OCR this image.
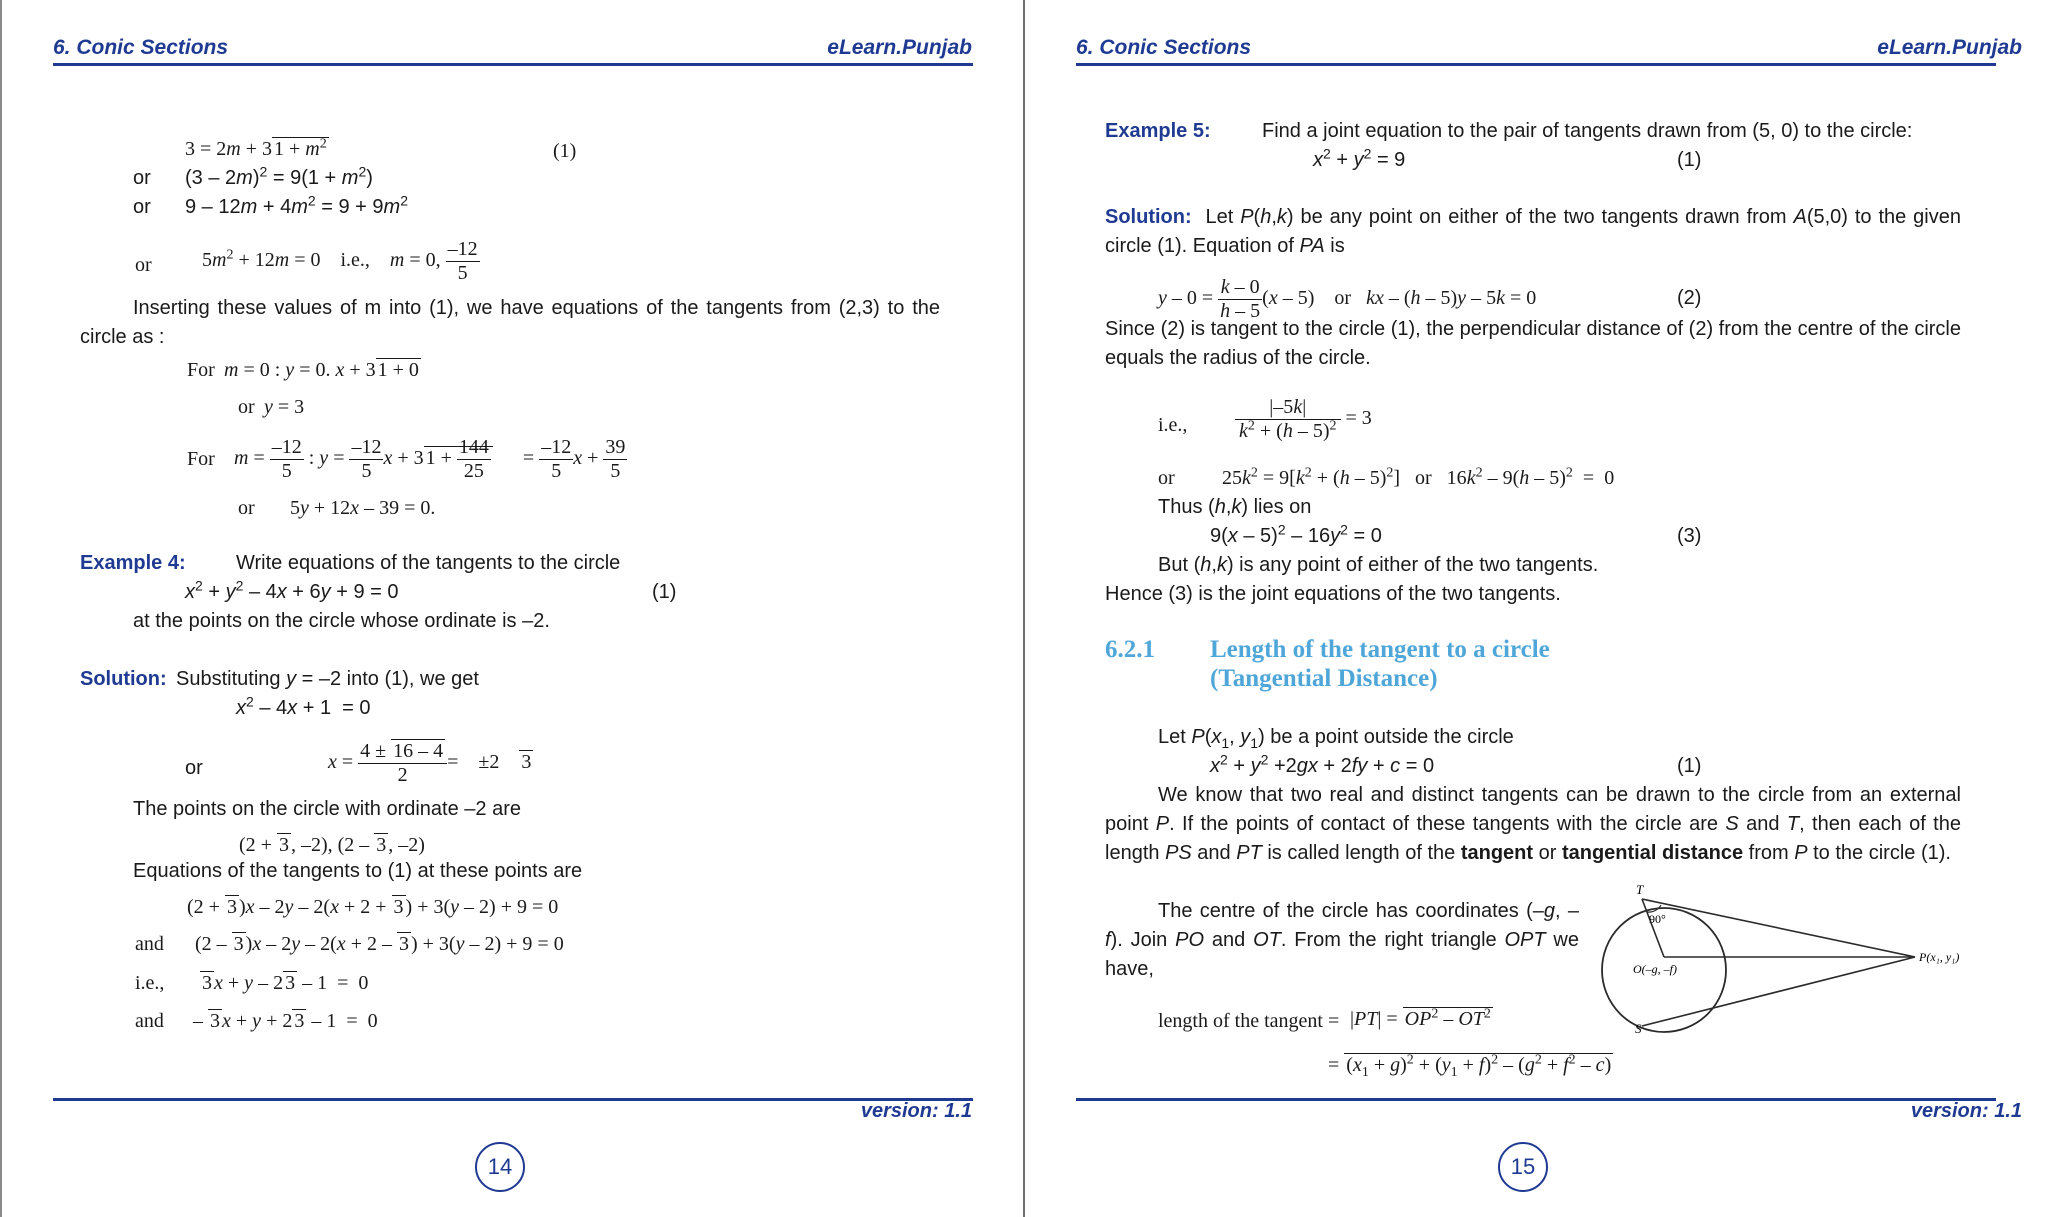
6. Conic Sections	eLearn.Punjab
3 = 2m + 3 $1 + m^2$	(1)
or $(3 - 2m)^2 = 9(1 + m^2)$
or $9 - 12m + 4m^2 = 9 + 9m^2$
or	$5m^2 + 12m = 0$    i.e.,    m = 0, $\frac{-12}{5}$
Inserting these values of m into (1), we have equations of the tangents from (2,3) to the circle as :
For m = 0 : y = 0. x + 3 1 + 0
or y = 3
For $m = \frac{-12}{5}$ : $y = \frac{-12}{5}$ x + 3 $1 + \frac{144}{25} = \frac{-12}{5}$ $x + \frac{39}{5}$
or 5y + 12x – 39 = 0.
Example 4:	Write equations of the tangents to the circle
$x^2 + y^2 - 4x + 6y + 9 = 0$	(1)
at the points on the circle whose ordinate is –2.
Solution: Substituting y = –2 into (1), we get
$x^2 - 4x + 1 = 0$
or	$x = \frac{4 \pm 16 - 4}{2}$ =    ±2    3
The points on the circle with ordinate –2 are
(2 + 3 , –2), (2 – 3 , –2)
Equations of the tangents to (1) at these points are
(2 + 3 )x – 2y – 2(x + 2 + 3 ) + 3(y – 2) + 9 = 0
and (2 – 3 )x – 2y – 2(x + 2 – 3 ) + 3(y – 2) + 9 = 0
i.e., 3 x + y – 2 3 – 1  =  0
and – 3 x + y + 2 3 – 1  =  0
version: 1.1
14
6. Conic Sections	eLearn.Punjab
Example 5:	Find a joint equation to the pair of tangents drawn from (5, 0) to the circle:
$x^2 + y^2 = 9$	(1)
Solution:  Let P(h,k) be any point on either of the two tangents drawn from A(5,0) to the given circle (1). Equation of PA is
$y - 0 = \frac{k - 0}{h - 5} (x - 5)$    or   kx – (h – 5)y – 5k = 0	(2)
Since (2) is tangent to the circle (1), the perpendicular distance of (2) from the centre of the circle equals the radius of the circle.
i.e., $\frac{|-5k|}{k^2 + (h - 5)^2} = 3$
or $25k^2 = 9[k^2 + (h - 5)^2]$   or   $16k^2 - 9(h - 5)^2 = 0$
Thus (h,k) lies on
$9(x - 5)^2 - 16y^2 = 0$	(3)
But (h,k) is any point of either of the two tangents.
Hence (3) is the joint equations of the two tangents.
6.2.1 Length of the tangent to a circle
(Tangential Distance)
Let $P(x_1$, $y_1$) be a point outside the circle
$x^2 + y^2 +2gx + 2fy + c = 0$	(1)
We know that two real and distinct tangents can be drawn to the circle from an external point P. If the points of contact of these tangents with the circle are S and T, then each of the length PS and PT is called length of the tangent or tangential distance from P to the circle (1).
The centre of the circle has coordinates (–g, –f). Join PO and OT. From the right triangle OPT we have,
T
S
90°
O(–g, –f)
P(x₁, y₁)
length of the tangent = $|PT| = OP^2 - OT^2$
= $(x_1 + g)^2 + (y_1 + f)^2 - (g^2 + f^2 - c)$
version: 1.1
15
